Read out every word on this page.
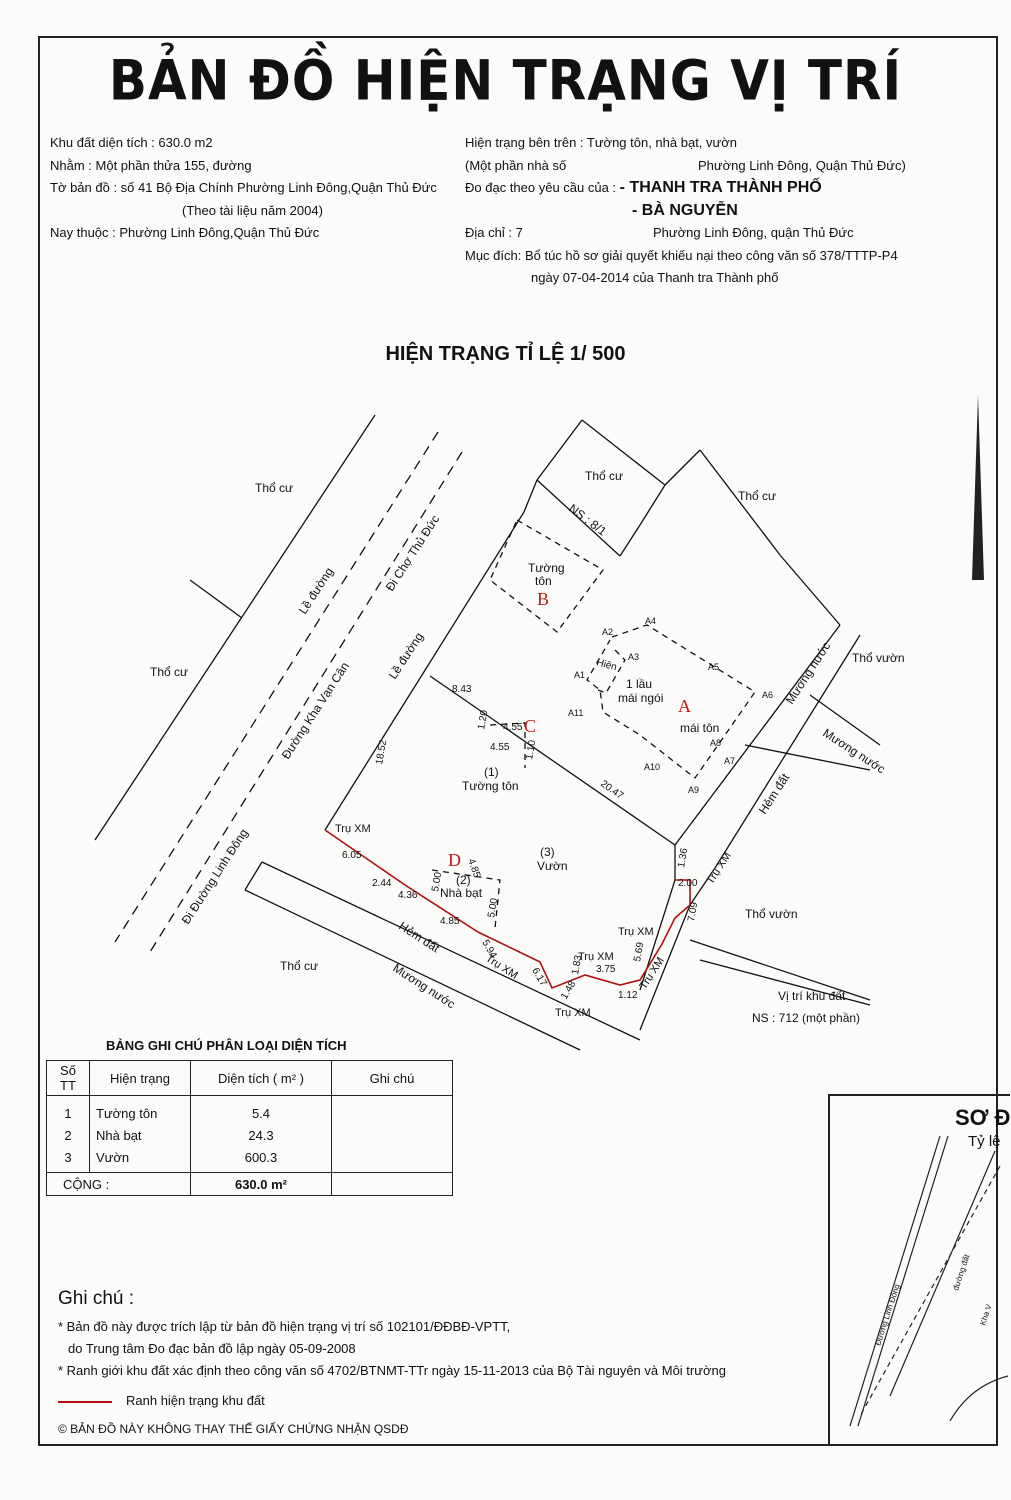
BẢN ĐỒ HIỆN TRẠNG VỊ TRÍ
Khu đất diện tích : 630.0 m2
Nhằm : Một phần thửa 155, đường
Tờ bản đồ : số 41 Bộ Địa Chính Phường Linh Đông,Quận Thủ Đức
(Theo tài liệu năm 2004)
Nay thuộc : Phường Linh Đông,Quận Thủ Đức
Hiện trạng bên trên : Tường tôn, nhà bạt, vườn
(Một phần nhà số	Phường Linh Đông, Quận Thủ Đức)
Đo đạc theo yêu cầu của : - THANH TRA THÀNH PHỐ
- BÀ NGUYỄN
Địa chỉ : 7	Phường Linh Đông, quận Thủ Đức
Mục đích: Bổ túc hồ sơ giải quyết khiếu nại theo công văn số 378/TTTP-P4
ngày 07-04-2014 của Thanh tra Thành phố
HIỆN TRẠNG TỈ LỆ 1/ 500
Thổ cư
Thổ cư
Thổ cư
Thổ cư
Thổ cư
Thổ vườn
Thổ vườn
Lề đường
Lề đường
Đi Chợ Thủ Đức
Đường Kha Vạn Cân
Đi Đường Linh Đông
NS : 8/1
Tường
tôn
1 lầu
mái ngói
mái tôn
Hiên	Mương nước
Mương nước
Mương nước
Hẻm đất
Hẻm đất
Trụ XM
Trụ XM
Trụ XM
Trụ XM
Trụ XM
Trụ XM
Trụ XM
(1)
Tường tôn
(2)
Nhà bạt
(3)
Vườn
Vị trí khu đất
NS : 712 (một phần)
A2
A4
A3
A1
A5
A11
A6
A8
A10
A7
A9
8.43
1.20 4.55
4.55 1.10
18.52
20.47
1.36
2.00
7.09
6.05
2.44
4.36
5.00
4.85
4.85
5.00
5.94
6.17
1.83 3.75
5.69
1.48	1.12
A
B
C
D
BẢNG GHI CHÚ PHÂN LOẠI DIỆN TÍCH
Số TT	Hiện trạng	Diện tích ( m² )	Ghi chú
1	Tường tôn	5.4	
2	Nhà bạt	24.3	
3	Vườn	600.3	
CỘNG :		630.0 m²	
Ghi chú :
* Bản đồ này được trích lập từ bản đồ hiện trạng vị trí số 102101/ĐĐBĐ-VPTT,
do Trung tâm Đo đạc bản đồ lập ngày 05-09-2008
* Ranh giới khu đất xác định theo công văn số 4702/BTNMT-TTr ngày 15-11-2013 của Bộ Tài nguyên và Môi trường
Ranh hiện trạng khu đất
© BẢN ĐỒ NÀY KHÔNG THAY THẾ GIẤY CHỨNG NHẬN QSDĐ
Đường Linh Đông
đường đất
Kha V
SƠ Đ
Tỷ lệ
